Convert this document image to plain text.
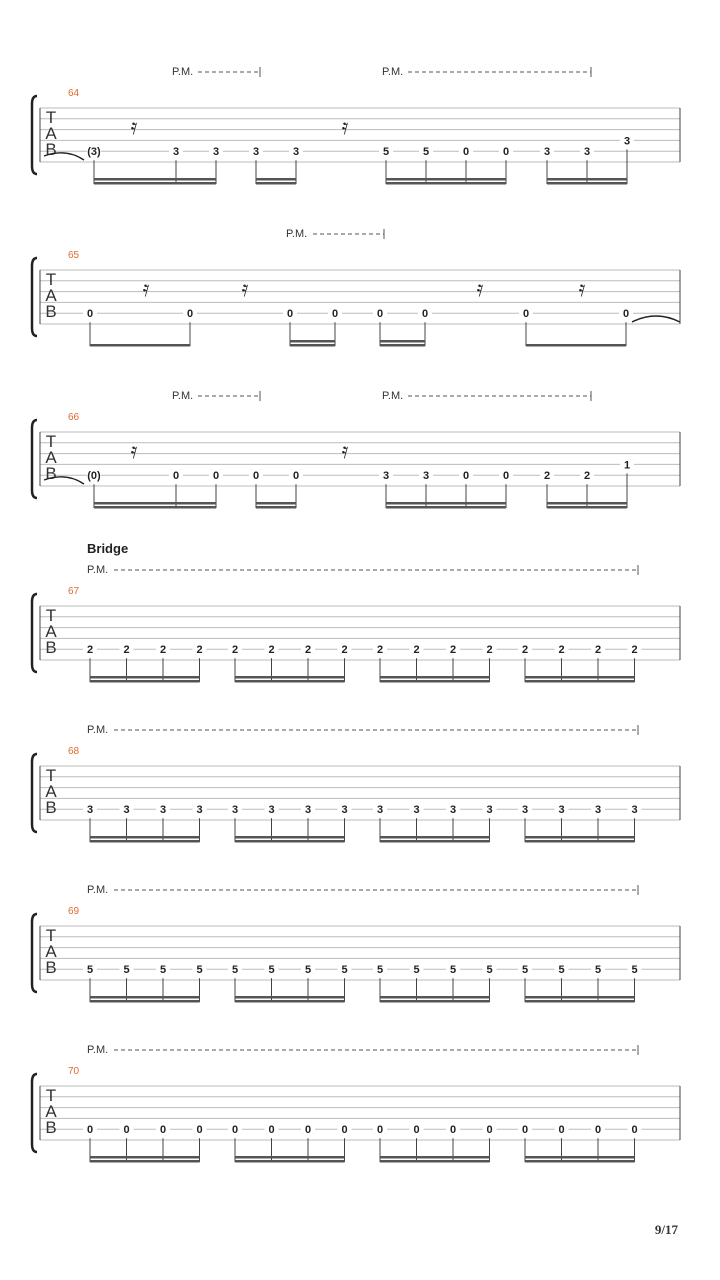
64
P.M.	P.M.
T
A
B
𝄿	𝄿
(3)	3	3	3	3	5	5	0	0	3	3
3
65
P.M.
T
A
B
𝄿	𝄿	𝄿	𝄿
0	0	0	0	0	0	0	0
66
P.M.	P.M.
T
A
B
𝄿	𝄿
(0)	0	0	0	0	3	3	0	0	2	2
1
67
Bridge
P.M.
T
A
B	2	2	2	2	2	2	2	2	2	2	2	2	2	2	2	2
68
P.M.
T
A
B	3	3	3	3	3	3	3	3	3	3	3	3	3	3	3	3
69
P.M.
T
A
B	5	5	5	5	5	5	5	5	5	5	5	5	5	5	5	5
70
P.M.
T
A
B	0	0	0	0	0	0	0	0	0	0	0	0	0	0	0	0
9/17
